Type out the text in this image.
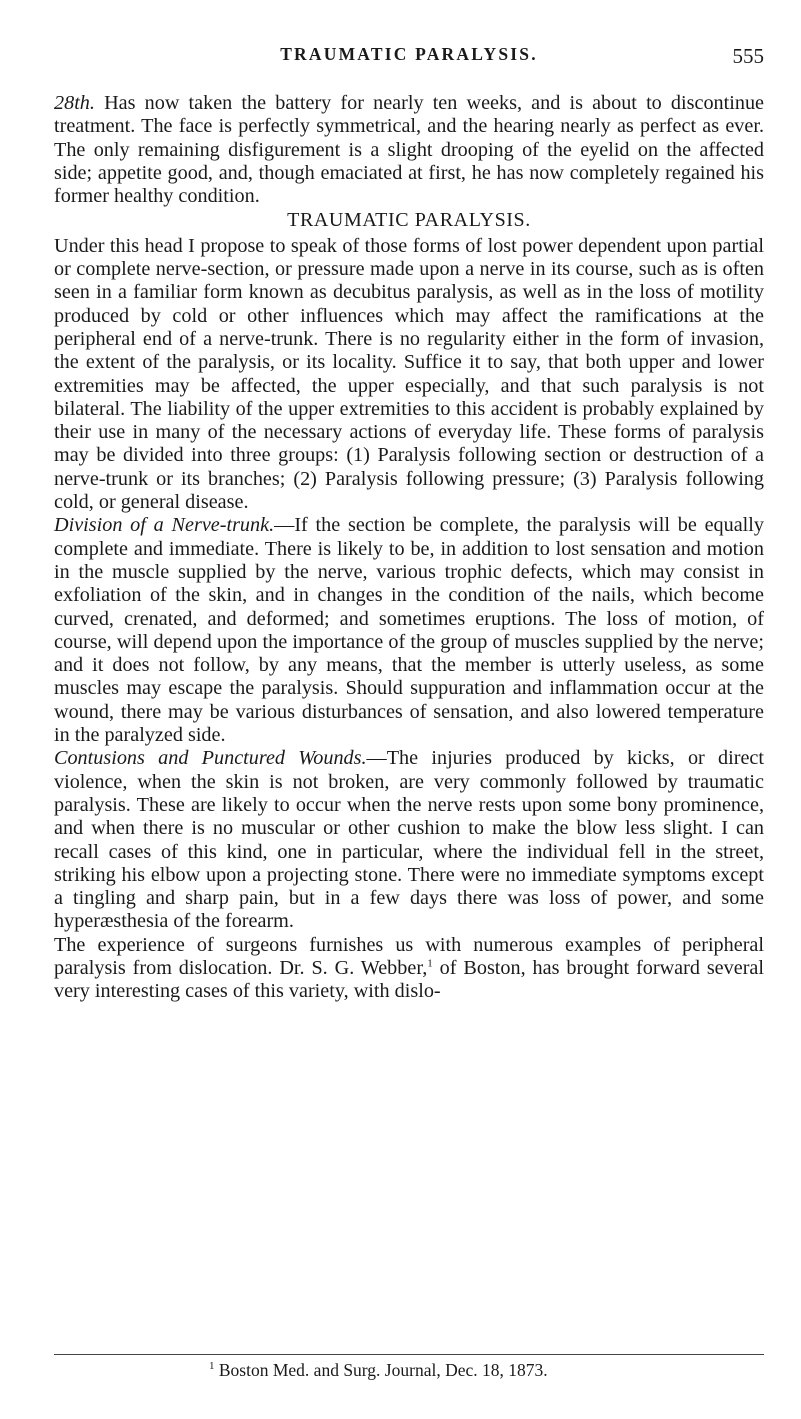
TRAUMATIC PARALYSIS.	555

28th. Has now taken the battery for nearly ten weeks, and is about to discontinue treatment. The face is perfectly symmetrical, and the hearing nearly as perfect as ever. The only remaining disfigurement is a slight drooping of the eyelid on the affected side; appetite good, and, though emaciated at first, he has now completely regained his former healthy condition.

TRAUMATIC PARALYSIS.

Under this head I propose to speak of those forms of lost power dependent upon partial or complete nerve-section, or pressure made upon a nerve in its course, such as is often seen in a familiar form known as decubitus paralysis, as well as in the loss of motility produced by cold or other influences which may affect the ramifications at the peripheral end of a nerve-trunk. There is no regularity either in the form of invasion, the extent of the paralysis, or its locality. Suffice it to say, that both upper and lower extremities may be affected, the upper especially, and that such paralysis is not bilateral. The liability of the upper extremities to this accident is probably explained by their use in many of the necessary actions of everyday life. These forms of paralysis may be divided into three groups: (1) Paralysis following section or destruction of a nerve-trunk or its branches; (2) Paralysis following pressure; (3) Paralysis following cold, or general disease.

Division of a Nerve-trunk.—If the section be complete, the paralysis will be equally complete and immediate. There is likely to be, in addition to lost sensation and motion in the muscle supplied by the nerve, various trophic defects, which may consist in exfoliation of the skin, and in changes in the condition of the nails, which become curved, crenated, and deformed; and sometimes eruptions. The loss of motion, of course, will depend upon the importance of the group of muscles supplied by the nerve; and it does not follow, by any means, that the member is utterly useless, as some muscles may escape the paralysis. Should suppuration and inflammation occur at the wound, there may be various disturbances of sensation, and also lowered temperature in the paralyzed side.

Contusions and Punctured Wounds.—The injuries produced by kicks, or direct violence, when the skin is not broken, are very commonly followed by traumatic paralysis. These are likely to occur when the nerve rests upon some bony prominence, and when there is no muscular or other cushion to make the blow less slight. I can recall cases of this kind, one in particular, where the individual fell in the street, striking his elbow upon a projecting stone. There were no immediate symptoms except a tingling and sharp pain, but in a few days there was loss of power, and some hyperæsthesia of the forearm.

The experience of surgeons furnishes us with numerous examples of peripheral paralysis from dislocation. Dr. S. G. Webber,$^1$ of Boston, has brought forward several very interesting cases of this variety, with dislo-

$^1$ Boston Med. and Surg. Journal, Dec. 18, 1873.
